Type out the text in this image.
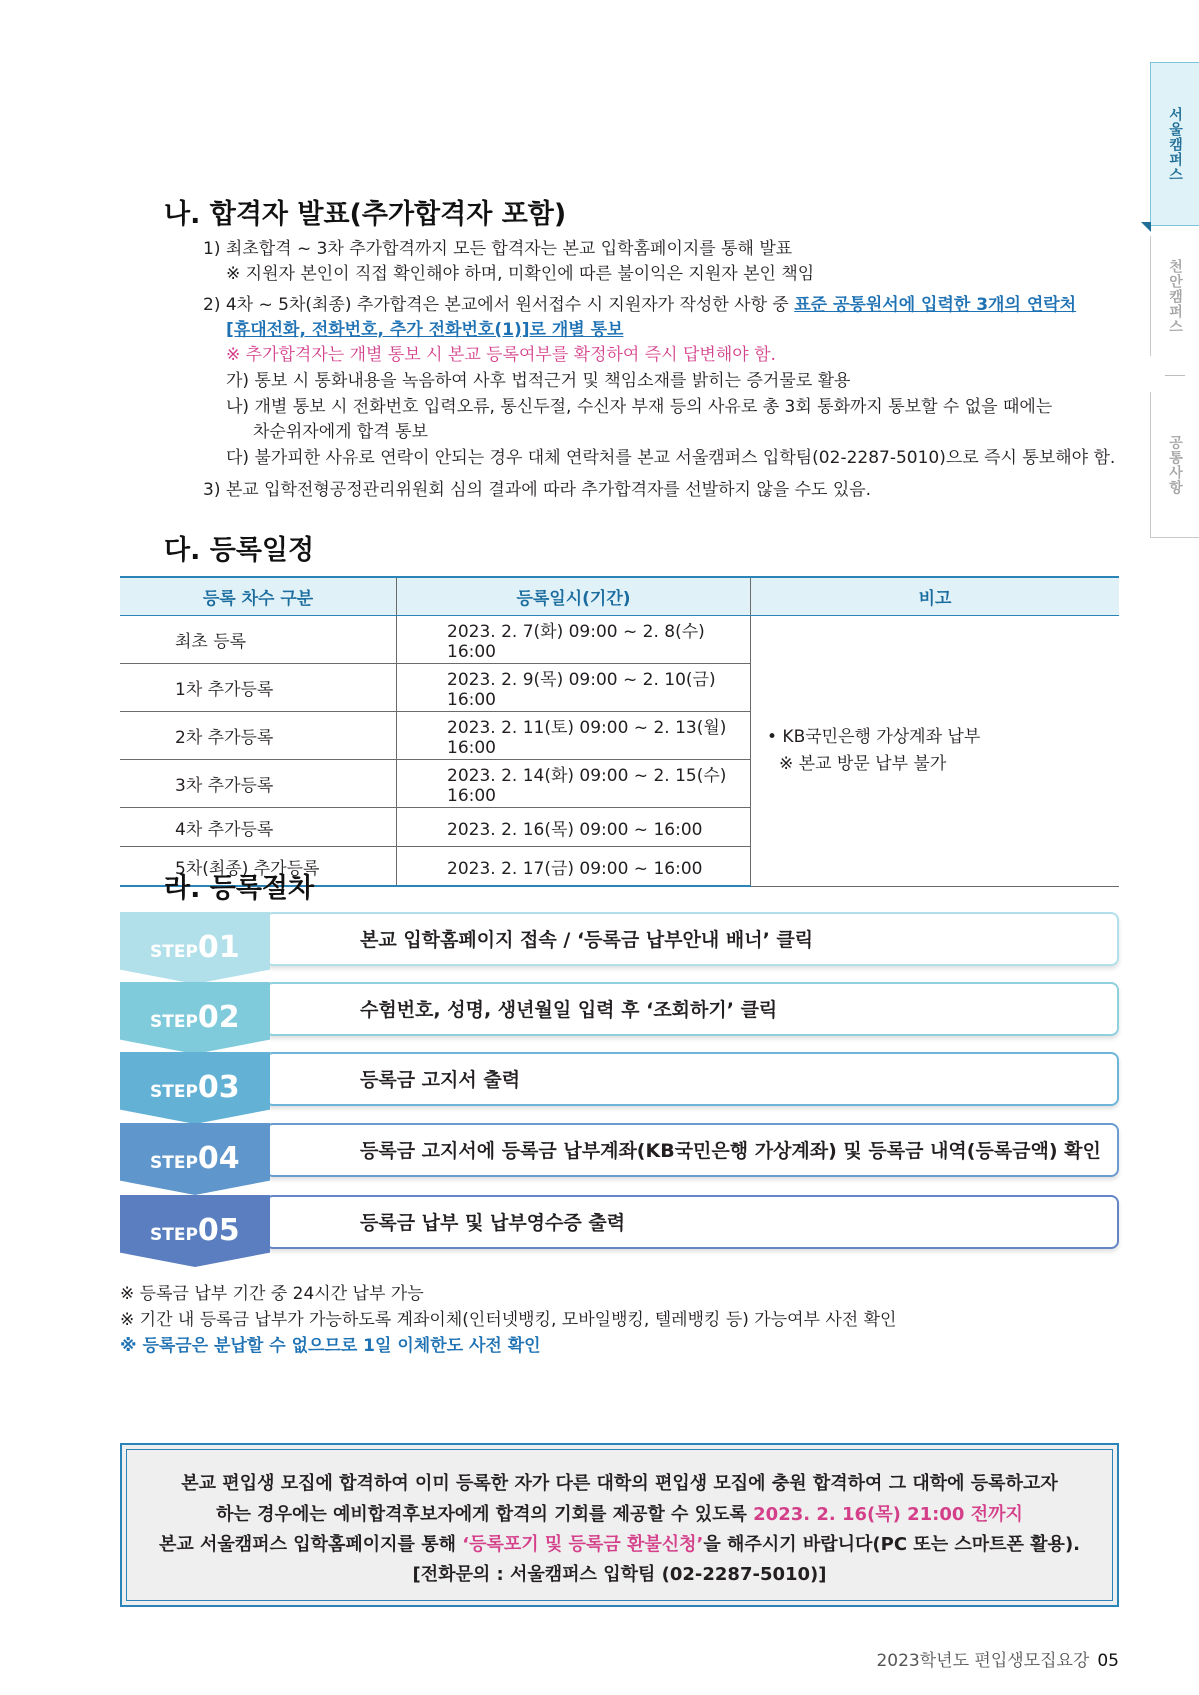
서울캠퍼스
천안캠퍼스
공통사항
나. 합격자 발표(추가합격자 포함)
1) 최초합격 ~ 3차 추가합격까지 모든 합격자는 본교 입학홈페이지를 통해 발표
※ 지원자 본인이 직접 확인해야 하며, 미확인에 따른 불이익은 지원자 본인 책임
2) 4차 ~ 5차(최종) 추가합격은 본교에서 원서접수 시 지원자가 작성한 사항 중 표준 공통원서에 입력한 3개의 연락처
[휴대전화, 전화번호, 추가 전화번호(1)]로 개별 통보
※ 추가합격자는 개별 통보 시 본교 등록여부를 확정하여 즉시 답변해야 함.
가) 통보 시 통화내용을 녹음하여 사후 법적근거 및 책임소재를 밝히는 증거물로 활용
나) 개별 통보 시 전화번호 입력오류, 통신두절, 수신자 부재 등의 사유로 총 3회 통화까지 통보할 수 없을 때에는
차순위자에게 합격 통보
다) 불가피한 사유로 연락이 안되는 경우 대체 연락처를 본교 서울캠퍼스 입학팀(02-2287-5010)으로 즉시 통보해야 함.
3) 본교 입학전형공정관리위원회 심의 결과에 따라 추가합격자를 선발하지 않을 수도 있음.
다. 등록일정
등록 차수 구분	등록일시(기간)	비고
최초 등록	2023. 2. 7(화) 09:00 ~ 2. 8(수) 16:00	• KB국민은행 가상계좌 납부
※ 본교 방문 납부 불가

1차 추가등록	2023. 2. 9(목) 09:00 ~ 2. 10(금) 16:00	
2차 추가등록	2023. 2. 11(토) 09:00 ~ 2. 13(월) 16:00	
3차 추가등록	2023. 2. 14(화) 09:00 ~ 2. 15(수) 16:00	
4차 추가등록	2023. 2. 16(목) 09:00 ~ 16:00	
5차(최종) 추가등록	2023. 2. 17(금) 09:00 ~ 16:00	
라. 등록절차
STEP01	본교 입학홈페이지 접속 / ‘등록금 납부안내 배너’ 클릭
STEP02	수험번호, 성명, 생년월일 입력 후 ‘조회하기’ 클릭
STEP03	등록금 고지서 출력
STEP04	등록금 고지서에 등록금 납부계좌(KB국민은행 가상계좌) 및 등록금 내역(등록금액) 확인
STEP05	등록금 납부 및 납부영수증 출력
※ 등록금 납부 기간 중 24시간 납부 가능
※ 기간 내 등록금 납부가 가능하도록 계좌이체(인터넷뱅킹, 모바일뱅킹, 텔레뱅킹 등) 가능여부 사전 확인
※ 등록금은 분납할 수 없으므로 1일 이체한도 사전 확인
본교 편입생 모집에 합격하여 이미 등록한 자가 다른 대학의 편입생 모집에 충원 합격하여 그 대학에 등록하고자
하는 경우에는 예비합격후보자에게 합격의 기회를 제공할 수 있도록 2023. 2. 16(목) 21:00 전까지
본교 서울캠퍼스 입학홈페이지를 통해 ‘등록포기 및 등록금 환불신청’을 해주시기 바랍니다(PC 또는 스마트폰 활용).
[전화문의 : 서울캠퍼스 입학팀 (02-2287-5010)]
2023학년도 편입생모집요강 05
